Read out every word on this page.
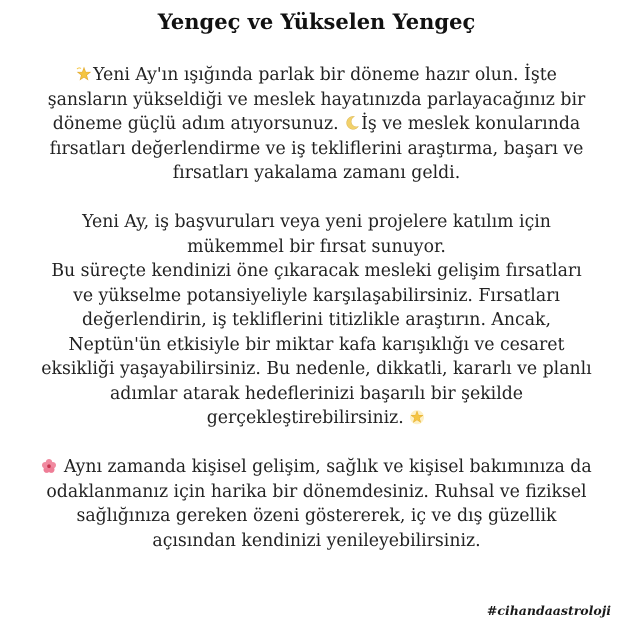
Yengeç ve Yükselen Yengeç

Yeni Ay'ın ışığında parlak bir döneme hazır olun. İşte
şansların yükseldiği ve meslek hayatınızda parlayacağınız bir
döneme güçlü adım atıyorsunuz.
İş ve meslek konularında
fırsatları değerlendirme ve iş tekliflerini araştırma, başarı ve
fırsatları yakalama zamanı geldi.

Yeni Ay, iş başvuruları veya yeni projelere katılım için
mükemmel bir fırsat sunuyor.
Bu süreçte kendinizi öne çıkaracak mesleki gelişim fırsatları
ve yükselme potansiyeliyle karşılaşabilirsiniz. Fırsatları
değerlendirin, iş tekliflerini titizlikle araştırın. Ancak,
Neptün'ün etkisiyle bir miktar kafa karışıklığı ve cesaret
eksikliği yaşayabilirsiniz. Bu nedenle, dikkatli, kararlı ve planlı
adımlar atarak hedeflerinizi başarılı bir şekilde
gerçekleştirebilirsiniz.

Aynı zamanda kişisel gelişim, sağlık ve kişisel bakımınıza da
odaklanmanız için harika bir dönemdesiniz. Ruhsal ve fiziksel
sağlığınıza gereken özeni göstererek, iç ve dış güzellik
açısından kendinizi yenileyebilirsiniz.

#cihandaastroloji
